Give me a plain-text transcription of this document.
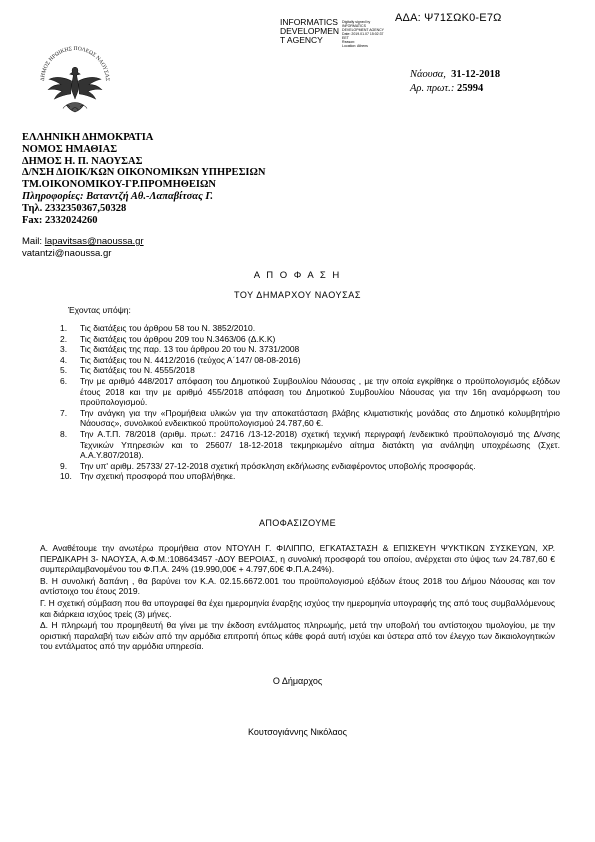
ΑΔΑ: Ψ71ΣΩΚ0-Ε7Ω
INFORMATICS
DEVELOPMEN
T AGENCY
Digitally signed by
INFORMATICS
DEVELOPMENT AGENCY
Date: 2019.01.07 15:02:37
EET
Reason:
Location: Athens
ΔΗΜΟΣ ΗΡΩΙΚΗΣ ΠΟΛΕΩΣ ΝΑΟΥΣΑΣ	Νάουσα, 31-12-2018
Αρ. πρωτ.: 25994
ΕΛΛΗΝΙΚΗ ΔΗΜΟΚΡΑΤΙΑ
ΝΟΜΟΣ ΗΜΑΘΙΑΣ
ΔΗΜΟΣ Η. Π. ΝΑΟΥΣΑΣ
Δ/ΝΣΗ ΔΙΟΙΚ/ΚΩΝ ΟΙΚΟΝΟΜΙΚΩΝ ΥΠΗΡΕΣΙΩΝ
ΤΜ.ΟΙΚΟΝΟΜΙΚΟΥ-ΓΡ.ΠΡΟΜΗΘΕΙΩΝ
Πληροφορίες: Βαταντζή Αθ.-Λαπαβίτσας Γ.
Τηλ. 2332350367,50328
Fax: 2332024260
Mail: lapavitsas@naoussa.gr
vatantzi@naoussa.gr
Α Π Ο Φ Α Σ Η
ΤΟΥ ΔΗΜΑΡΧΟΥ ΝΑΟΥΣΑΣ
Έχοντας υπόψη:
1.	Τις διατάξεις του άρθρου 58 του Ν. 3852/2010.
2.	Τις διατάξεις του άρθρου 209 του Ν.3463/06 (Δ.Κ.Κ)
3.	Τις διατάξεις της παρ. 13 του άρθρου 20 του Ν. 3731/2008
4.	Τις διατάξεις του Ν. 4412/2016 (τεύχος Α΄147/ 08-08-2016)
5.	Τις διατάξεις του Ν. 4555/2018
6.	Την με αριθμό 448/2017 απόφαση του Δημοτικού Συμβουλίου Νάουσας , με την οποία εγκρίθηκε ο προϋπολογισμός εξόδων έτους 2018 και την με αριθμό 455/2018 απόφαση του Δημοτικού Συμβουλίου Νάουσας για την 16η αναμόρφωση του προϋπολογισμού.
7.	Την ανάγκη για την «Προμήθεια υλικών για την αποκατάσταση βλάβης κλιματιστικής μονάδας στο Δημοτικό κολυμβητήριο Νάουσας», συνολικού ενδεικτικού προϋπολογισμού 24.787,60 €.
8.	Την Α.Τ.Π. 78/2018 (αριθμ. πρωτ.: 24716 /13-12-2018) σχετική τεχνική περιγραφή /ενδεικτικό προϋπολογισμό της Δ/νσης Τεχνικών Υπηρεσιών και το 25607/ 18-12-2018 τεκμηριωμένο αίτημα διατάκτη για ανάληψη υποχρέωσης (Σχετ. Α.Α.Υ.807/2018).
9.	Την υπ' αριθμ. 25733/ 27-12-2018 σχετική πρόσκληση εκδήλωσης ενδιαφέροντος υποβολής προσφοράς.
10. Την σχετική προσφορά που υποβλήθηκε.
ΑΠΟΦΑΣΙΖΟΥΜΕ

Α. Αναθέτουμε την ανωτέρω προμήθεια στον ΝΤΟΥΛΗ Γ. ΦΙΛΙΠΠΟ, ΕΓΚΑΤΑΣΤΑΣΗ & ΕΠΙΣΚΕΥΗ ΨΥΚΤΙΚΩΝ ΣΥΣΚΕΥΩΝ, ΧΡ. ΠΕΡΔΙΚΑΡΗ 3- ΝΑΟΥΣΑ, Α.Φ.Μ.:108643457 -ΔΟΥ ΒΕΡΟΙΑΣ, η συνολική προσφορά του οποίου, ανέρχεται στο ύψος των 24.787,60 € συμπεριλαμβανομένου του Φ.Π.Α. 24% (19.990,00€ + 4.797,60€ Φ.Π.Α.24%).

Β. Η συνολική δαπάνη , θα βαρύνει τον Κ.Α. 02.15.6672.001 του προϋπολογισμού εξόδων έτους 2018 του Δήμου Νάουσας και τον αντίστοιχο του έτους 2019.

Γ. Η σχετική σύμβαση που θα υπογραφεί θα έχει ημερομηνία έναρξης ισχύος την ημερομηνία υπογραφής της από τους συμβαλλόμενους και διάρκεια ισχύος τρείς (3) μήνες.

Δ. Η πληρωμή του προμηθευτή θα γίνει με την έκδοση εντάλματος πληρωμής, μετά την υποβολή του αντίστοιχου τιμολογίου, με την οριστική παραλαβή των ειδών από την αρμόδια επιτροπή όπως κάθε φορά αυτή ισχύει και ύστερα από τον έλεγχο των δικαιολογητικών του εντάλματος από την αρμόδια υπηρεσία.

Ο Δήμαρχος
Κουτσογιάννης Νικόλαος
